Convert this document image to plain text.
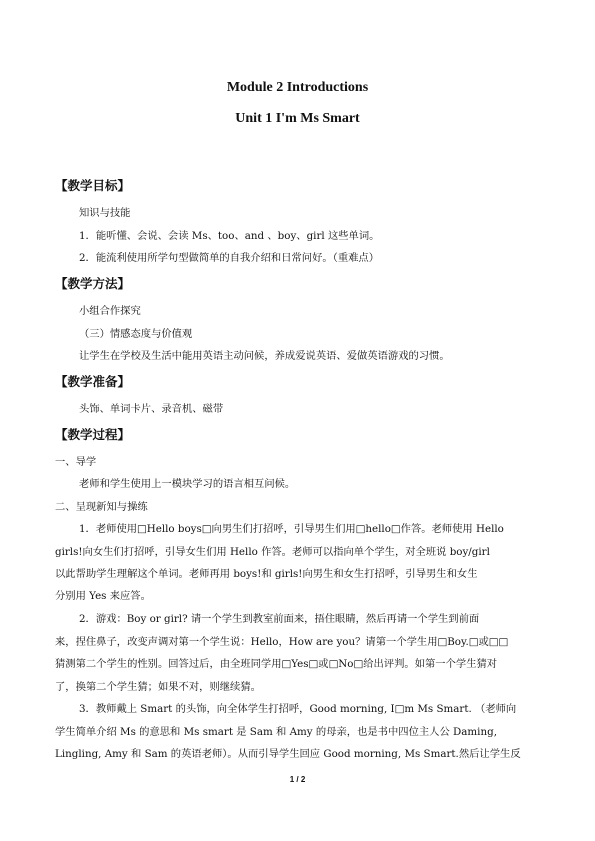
Module 2 Introductions
Unit 1 I'm Ms Smart
【教学目标】
知识与技能
1．能听懂、会说、会读 Ms、too、and 、boy、girl 这些单词。
2．能流利使用所学句型做简单的自我介绍和日常问好。（重难点）
【教学方法】
小组合作探究
（三）情感态度与价值观
让学生在学校及生活中能用英语主动问候，养成爱说英语、爱做英语游戏的习惯。
【教学准备】
头饰、单词卡片、录音机、磁带
【教学过程】
一、导学
老师和学生使用上一模块学习的语言相互问候。
二、呈现新知与操练
1．老师使用□Hello boys□向男生们打招呼，引导男生们用□hello□作答。老师使用 Hello
girls!向女生们打招呼，引导女生们用 Hello 作答。老师可以指向单个学生，对全班说 boy/girl
以此帮助学生理解这个单词。老师再用 boys!和 girls!向男生和女生打招呼，引导男生和女生
分别用 Yes 来应答。
2．游戏：Boy or girl? 请一个学生到教室前面来，捂住眼睛，然后再请一个学生到前面
来，捏住鼻子，改变声调对第一个学生说：Hello，How are you？请第一个学生用□Boy.□或□□
猜测第二个学生的性别。回答过后，由全班同学用□Yes□或□No□给出评判。如第一个学生猜对
了，换第二个学生猜；如果不对，则继续猜。
3．教师戴上 Smart 的头饰，向全体学生打招呼，Good morning, I□m Ms Smart. （老师向
学生简单介绍 Ms 的意思和 Ms smart 是 Sam 和 Amy 的母亲，也是书中四位主人公 Daming,
Lingling, Amy 和 Sam 的英语老师）。从而引导学生回应 Good morning, Ms Smart.然后让学生反
1 / 2
